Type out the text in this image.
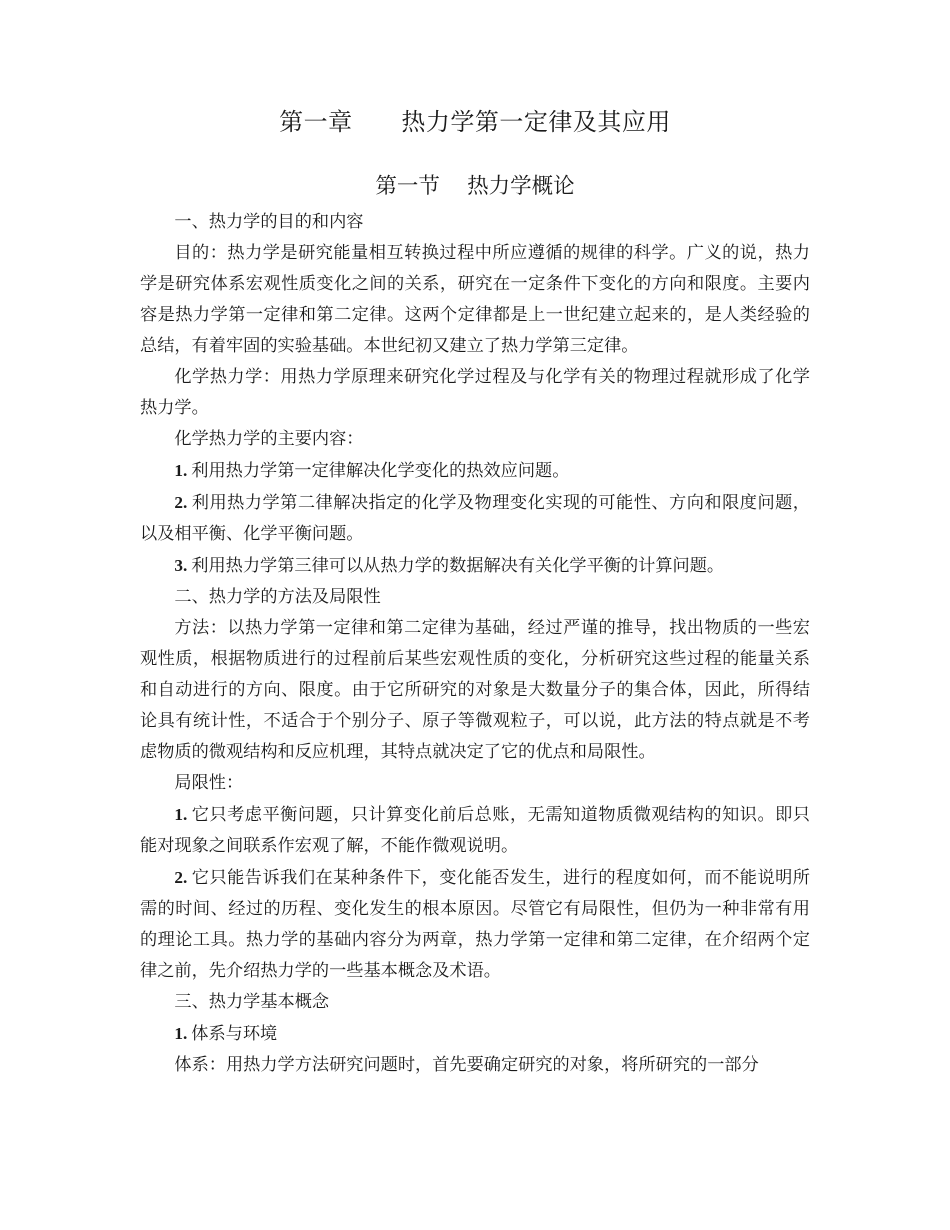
第一章      热力学第一定律及其应用
第一节    热力学概论

一、热力学的目的和内容

目的：热力学是研究能量相互转换过程中所应遵循的规律的科学。广义的说，热力学是研究体系宏观性质变化之间的关系，研究在一定条件下变化的方向和限度。主要内容是热力学第一定律和第二定律。这两个定律都是上一世纪建立起来的，是人类经验的总结，有着牢固的实验基础。本世纪初又建立了热力学第三定律。

化学热力学：用热力学原理来研究化学过程及与化学有关的物理过程就形成了化学热力学。

化学热力学的主要内容：

1. 利用热力学第一定律解决化学变化的热效应问题。

2. 利用热力学第二律解决指定的化学及物理变化实现的可能性、方向和限度问题，以及相平衡、化学平衡问题。

3. 利用热力学第三律可以从热力学的数据解决有关化学平衡的计算问题。

二、热力学的方法及局限性

方法：以热力学第一定律和第二定律为基础，经过严谨的推导，找出物质的一些宏观性质，根据物质进行的过程前后某些宏观性质的变化，分析研究这些过程的能量关系和自动进行的方向、限度。由于它所研究的对象是大数量分子的集合体，因此，所得结论具有统计性，不适合于个别分子、原子等微观粒子，可以说，此方法的特点就是不考虑物质的微观结构和反应机理，其特点就决定了它的优点和局限性。

局限性：

1. 它只考虑平衡问题，只计算变化前后总账，无需知道物质微观结构的知识。即只能对现象之间联系作宏观了解，不能作微观说明。

2. 它只能告诉我们在某种条件下，变化能否发生，进行的程度如何，而不能说明所需的时间、经过的历程、变化发生的根本原因。尽管它有局限性，但仍为一种非常有用的理论工具。热力学的基础内容分为两章，热力学第一定律和第二定律，在介绍两个定律之前，先介绍热力学的一些基本概念及术语。

三、热力学基本概念

1. 体系与环境

体系：用热力学方法研究问题时，首先要确定研究的对象，将所研究的一部分
